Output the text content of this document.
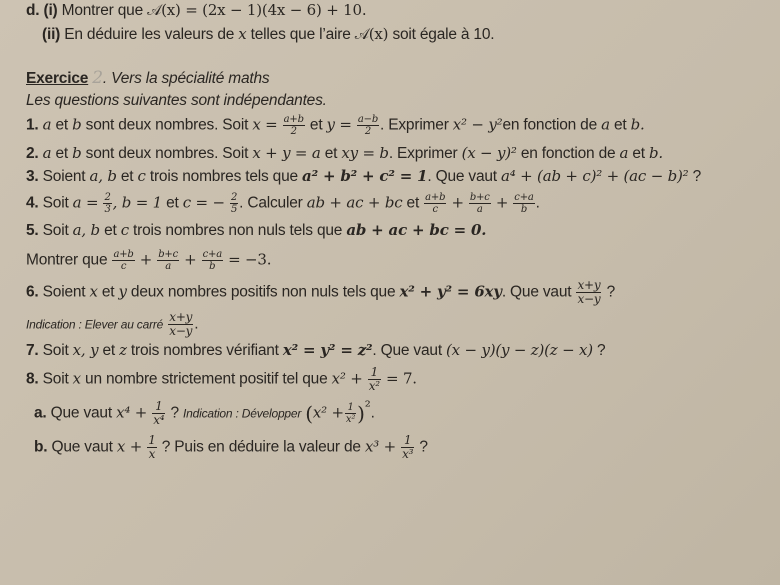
d. (i) Montrer que 𝒜(x) = (2x − 1)(4x − 6) + 10.
(ii) En déduire les valeurs de x telles que l’aire 𝒜(x) soit égale à 10.
Exercice 2. Vers la spécialité maths
Les questions suivantes sont indépendantes.
1. a et b sont deux nombres. Soit $x = \frac{a+b}{2}$ et $y = \frac{a-b}{2}$ . Exprimer x² − y²en fonction de a et b.
2. a et b sont deux nombres. Soit x + y = a et xy = b. Exprimer (x − y)² en fonction de a et b.
3. Soient a, b et c trois nombres tels que a² + b² + c² = 1. Que vaut a⁴ + (ab + c)² + (ac − b)² ?
4. Soit $a = \frac{2}{3}$ , b = 1 et c = − $\frac{2}{5}$ . Calculer ab + ac + bc et $\frac{a+b}{c} + \frac{b+c}{a} + \frac{c+a}{b}$ .
5. Soit a, b et c trois nombres non nuls tels que ab + ac + bc = 0.
Montrer que $\frac{a+b}{c} + \frac{b+c}{a} + \frac{c+a}{b} = -3$.
6. Soient x et y deux nombres positifs non nuls tels que x² + y² = 6xy. Que vaut $\frac{x+y}{x-y}$ ?
Indication : Elever au carré $\frac{x+y}{x-y}$ .
7. Soit x, y et z trois nombres vérifiant x² = y² = z². Que vaut (x − y)(y − z)(z − x) ?
8. Soit x un nombre strictement positif tel que $x^2 + \frac{1}{\text{x²}} = 7$.
a. Que vaut $x^4 + \frac{1}{\text{x⁴}}$ ? Indication : Développer $(x^2 + \frac{1}{\text{x²}} )^{^2}$.
b. Que vaut $x + \frac{1}{x}$ ? Puis en déduire la valeur de $x^3 + \frac{1}{\text{x³}}$ ?
